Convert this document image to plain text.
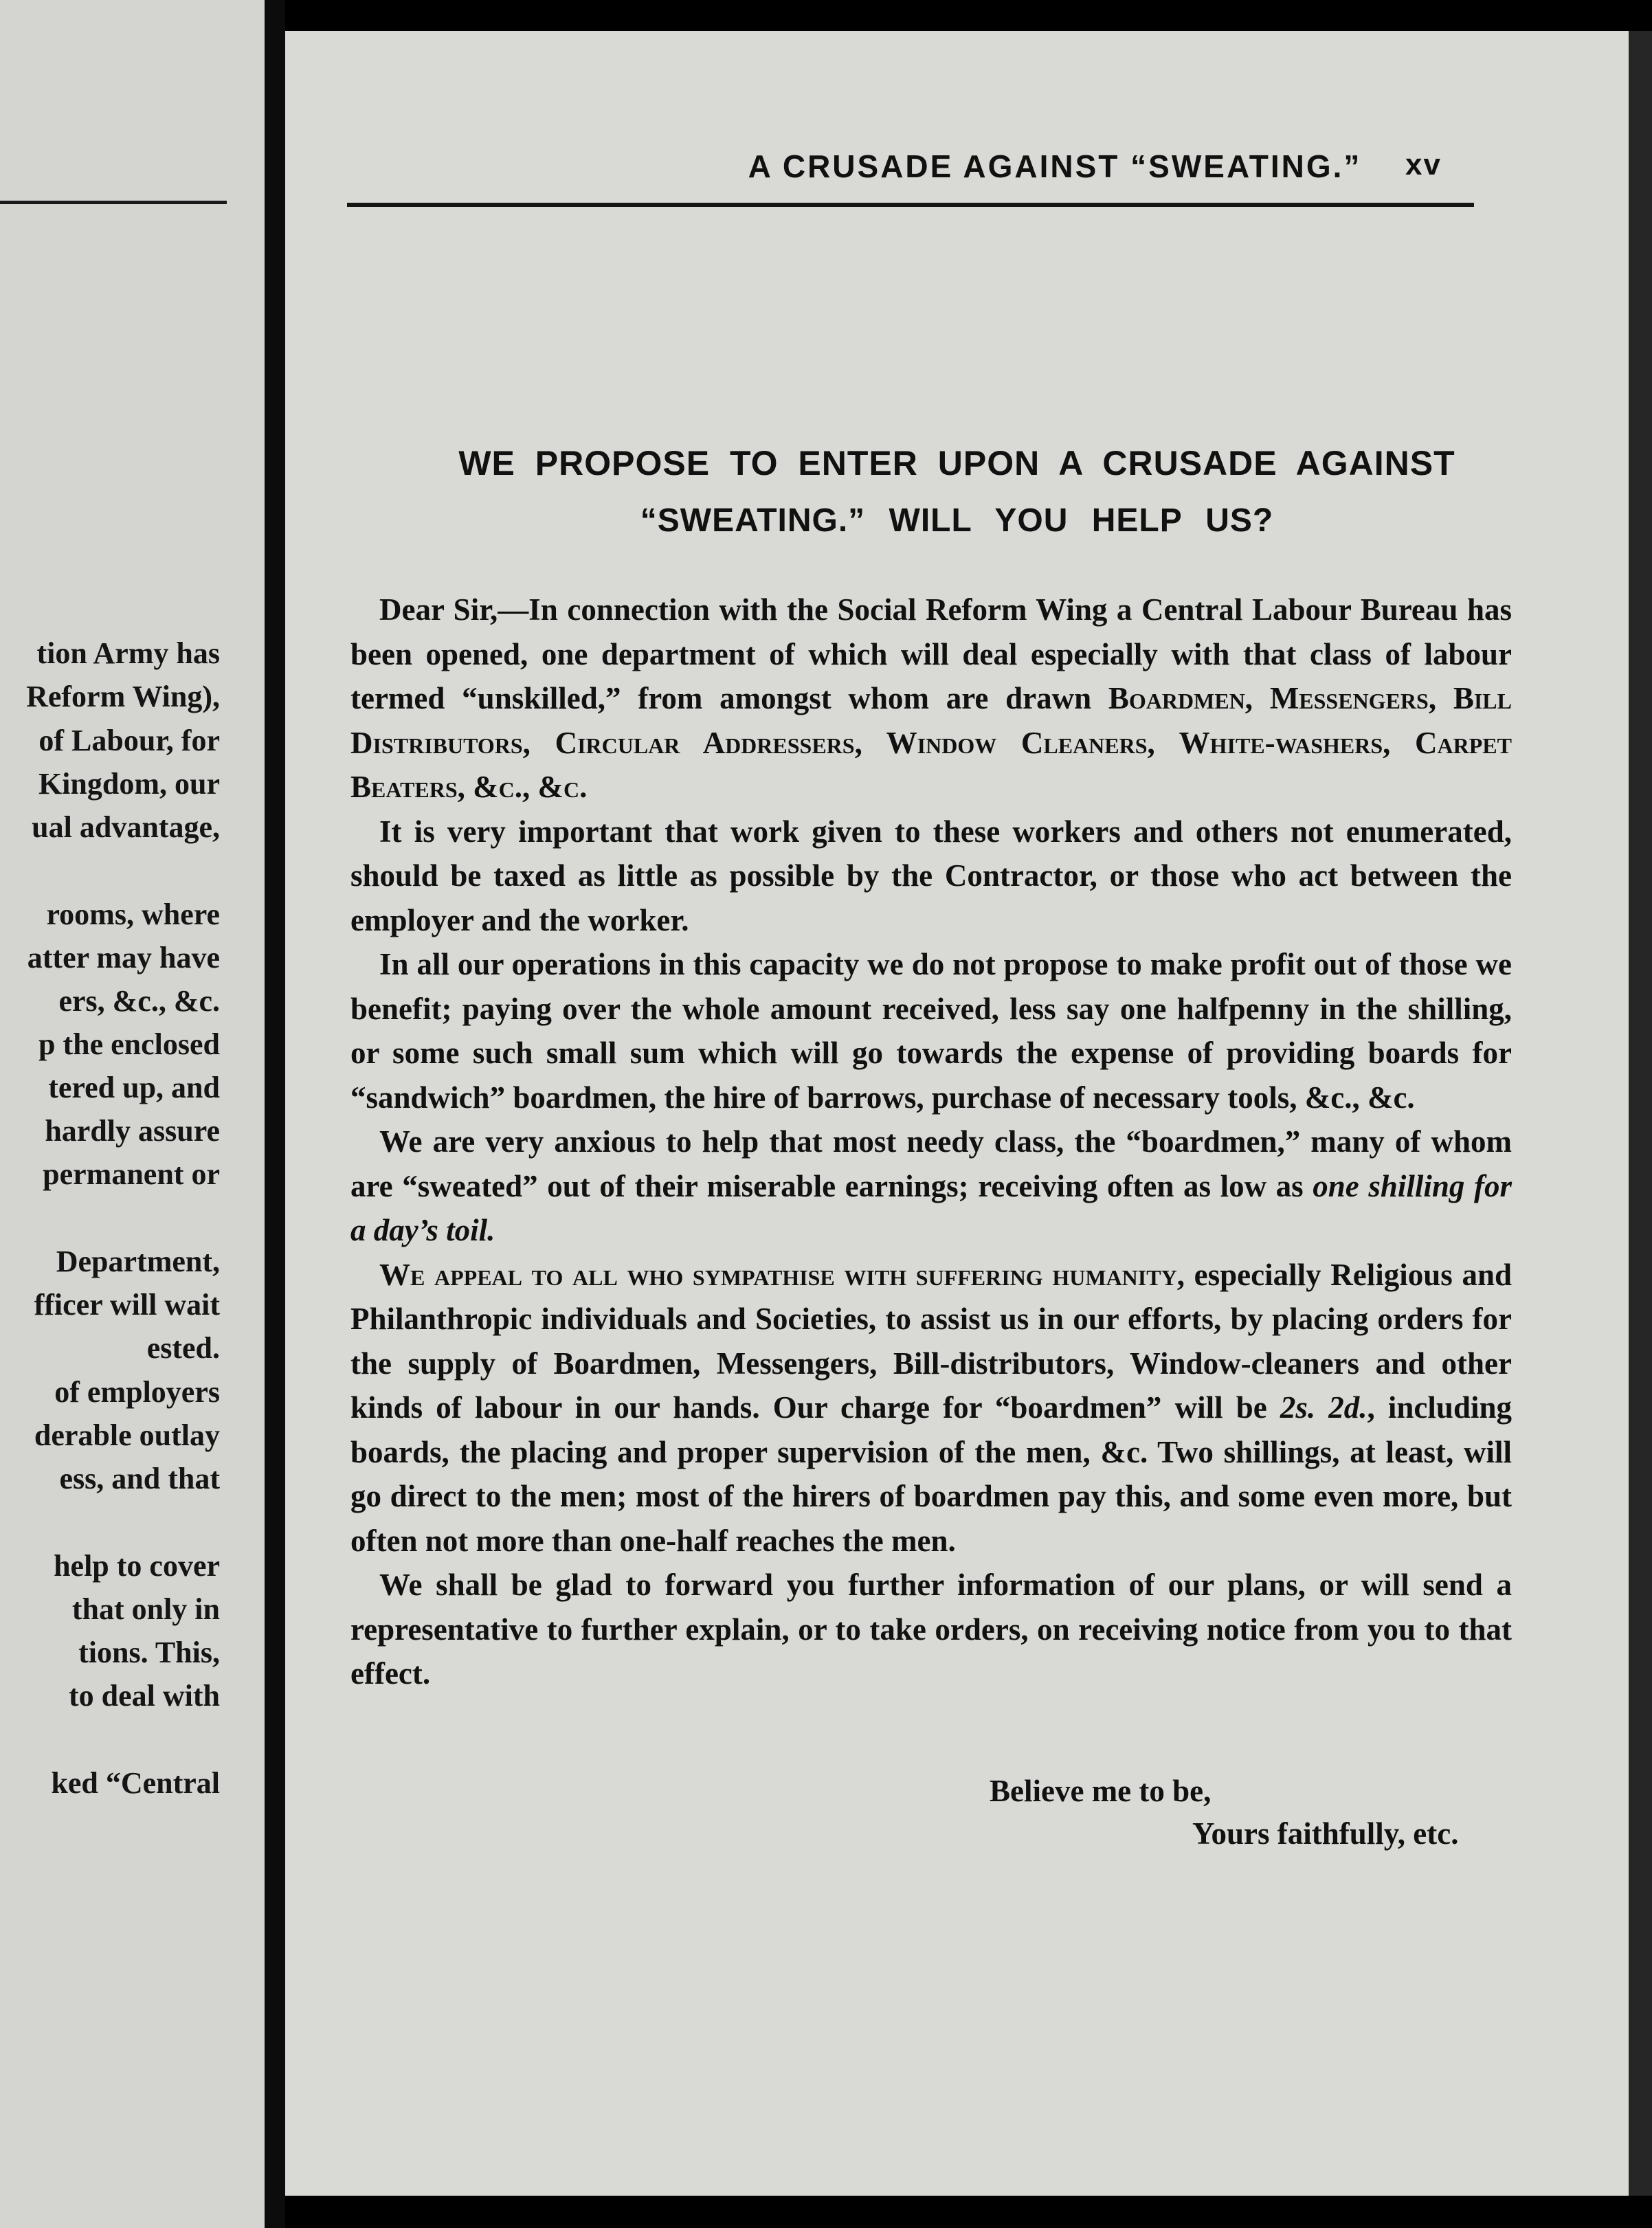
tion Army has
Reform Wing),
of Labour, for
Kingdom, our
ual advantage,
rooms, where
atter may have
ers, &c., &c.
p the enclosed
tered up, and
hardly assure
permanent or
Department,
fficer will wait
ested.
of employers
derable outlay
ess, and that
help to cover
that only in
tions. This,
to deal with
ked “Central
A CRUSADE AGAINST “SWEATING.”	xv
WE PROPOSE TO ENTER UPON A CRUSADE AGAINST
“SWEATING.” WILL YOU HELP US?

Dear Sir,—In connection with the Social Reform Wing a Central Labour Bureau has been opened, one department of which will deal especially with that class of labour termed “unskilled,” from amongst whom are drawn Boardmen, Messengers, Bill Distributors, Circular Addressers, Window Cleaners, White-washers, Carpet Beaters, &c., &c.

It is very important that work given to these workers and others not enumerated, should be taxed as little as possible by the Contractor, or those who act between the employer and the worker.

In all our operations in this capacity we do not propose to make profit out of those we benefit; paying over the whole amount received, less say one halfpenny in the shilling, or some such small sum which will go towards the expense of providing boards for “sandwich” boardmen, the hire of barrows, purchase of necessary tools, &c., &c.

We are very anxious to help that most needy class, the “boardmen,” many of whom are “sweated” out of their miserable earnings; receiving often as low as one shilling for a day’s toil.

We appeal to all who sympathise with suffering humanity, especially Religious and Philanthropic individuals and Societies, to assist us in our efforts, by placing orders for the supply of Boardmen, Messengers, Bill-distributors, Window-cleaners and other kinds of labour in our hands. Our charge for “boardmen” will be 2s. 2d., including boards, the placing and proper supervision of the men, &c. Two shillings, at least, will go direct to the men; most of the hirers of boardmen pay this, and some even more, but often not more than one-half reaches the men.

We shall be glad to forward you further information of our plans, or will send a representative to further explain, or to take orders, on receiving notice from you to that effect.

Believe me to be,
Yours faithfully, etc.
